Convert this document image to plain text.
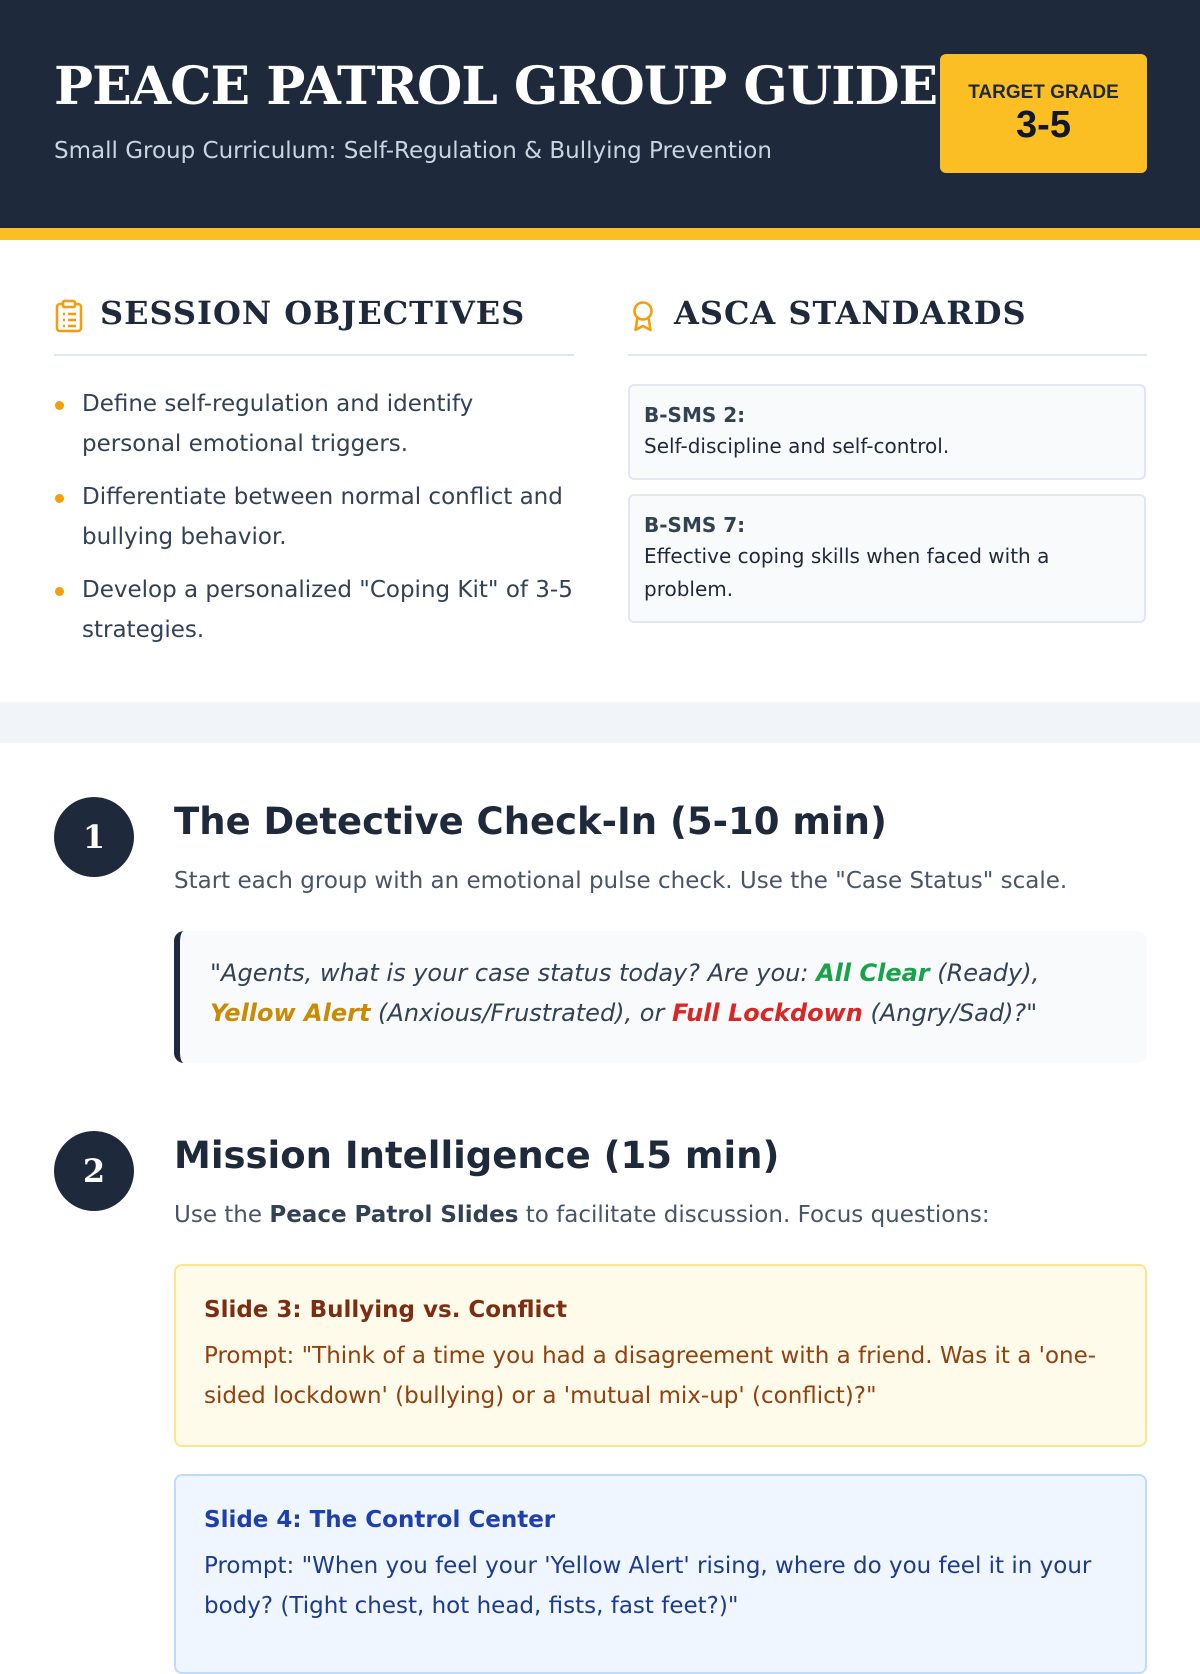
PEACE PATROL GROUP GUIDE
Small Group Curriculum: Self-Regulation & Bullying Prevention
TARGET GRADE
3-5
SESSION OBJECTIVES
Define self-regulation and identify personal emotional triggers.
Differentiate between normal conflict and bullying behavior.
Develop a personalized "Coping Kit" of 3-5 strategies.
ASCA STANDARDS
B-SMS 2:
Self-discipline and self-control.
B-SMS 7:
Effective coping skills when faced with a problem.
1	The Detective Check-In (5-10 min)
Start each group with an emotional pulse check. Use the "Case Status" scale.
"Agents, what is your case status today? Are you: All Clear (Ready), Yellow Alert (Anxious/Frustrated), or Full Lockdown (Angry/Sad)?"
2	Mission Intelligence (15 min)
Use the Peace Patrol Slides to facilitate discussion. Focus questions:
Slide 3: Bullying vs. Conflict
Prompt: "Think of a time you had a disagreement with a friend. Was it a 'one-sided lockdown' (bullying) or a 'mutual mix-up' (conflict)?"
Slide 4: The Control Center
Prompt: "When you feel your 'Yellow Alert' rising, where do you feel it in your body? (Tight chest, hot head, fists, fast feet?)"
